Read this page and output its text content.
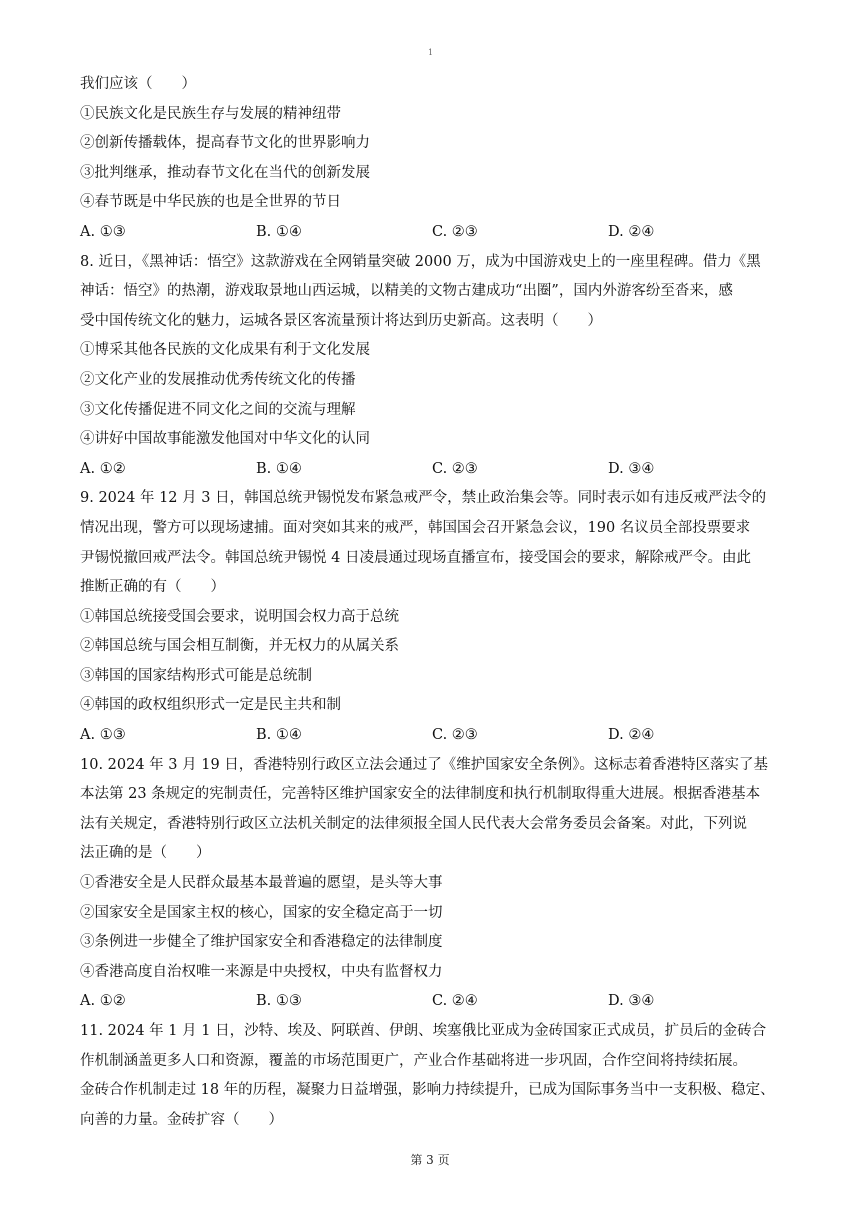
1
我们应该（　　）
①民族文化是民族生存与发展的精神纽带
②创新传播载体，提高春节文化的世界影响力
③批判继承，推动春节文化在当代的创新发展
④春节既是中华民族的也是全世界的节日
A. ①③	B. ①④	C. ②③	D. ②④
8. 近日，《黑神话：悟空》这款游戏在全网销量突破 2000 万，成为中国游戏史上的一座里程碑。借力《黑
神话：悟空》的热潮，游戏取景地山西运城，以精美的文物古建成功“出圈”，国内外游客纷至沓来，感
受中国传统文化的魅力，运城各景区客流量预计将达到历史新高。这表明（　　）
①博采其他各民族的文化成果有利于文化发展
②文化产业的发展推动优秀传统文化的传播
③文化传播促进不同文化之间的交流与理解
④讲好中国故事能激发他国对中华文化的认同
A. ①②	B. ①④	C. ②③	D. ③④
9. 2024 年 12 月 3 日，韩国总统尹锡悦发布紧急戒严令，禁止政治集会等。同时表示如有违反戒严法令的
情况出现，警方可以现场逮捕。面对突如其来的戒严，韩国国会召开紧急会议，190 名议员全部投票要求
尹锡悦撤回戒严法令。韩国总统尹锡悦 4 日凌晨通过现场直播宣布，接受国会的要求，解除戒严令。由此
推断正确的有（　　）
①韩国总统接受国会要求，说明国会权力高于总统
②韩国总统与国会相互制衡，并无权力的从属关系
③韩国的国家结构形式可能是总统制
④韩国的政权组织形式一定是民主共和制
A. ①③	B. ①④	C. ②③	D. ②④
10. 2024 年 3 月 19 日，香港特别行政区立法会通过了《维护国家安全条例》。这标志着香港特区落实了基
本法第 23 条规定的宪制责任，完善特区维护国家安全的法律制度和执行机制取得重大进展。根据香港基本
法有关规定，香港特别行政区立法机关制定的法律须报全国人民代表大会常务委员会备案。对此，下列说
法正确的是（　　）
①香港安全是人民群众最基本最普遍的愿望，是头等大事
②国家安全是国家主权的核心，国家的安全稳定高于一切
③条例进一步健全了维护国家安全和香港稳定的法律制度
④香港高度自治权唯一来源是中央授权，中央有监督权力
A. ①②	B. ①③	C. ②④	D. ③④
11. 2024 年 1 月 1 日，沙特、埃及、阿联酋、伊朗、埃塞俄比亚成为金砖国家正式成员，扩员后的金砖合
作机制涵盖更多人口和资源，覆盖的市场范围更广，产业合作基础将进一步巩固，合作空间将持续拓展。
金砖合作机制走过 18 年的历程，凝聚力日益增强，影响力持续提升，已成为国际事务当中一支积极、稳定、
向善的力量。金砖扩容（　　）
第 3 页
